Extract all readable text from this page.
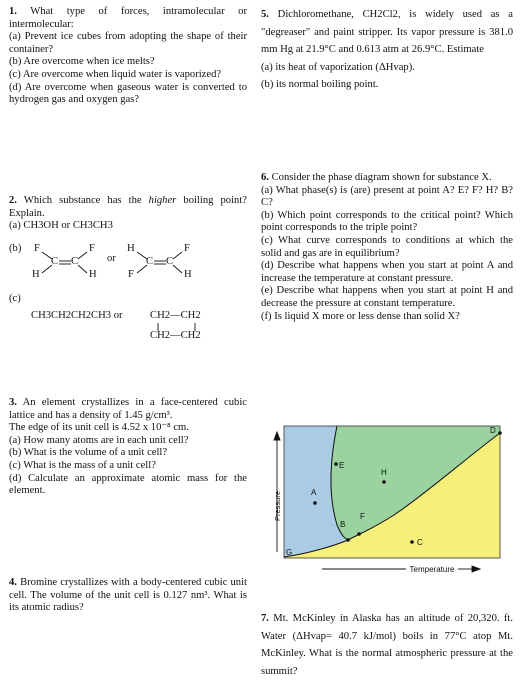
1. What type of forces, intramolecular or intermolecular:

(a) Prevent ice cubes from adopting the shape of their container?

(b) Are overcome when ice melts?

(c) Are overcome when liquid water is vaporized?

(d) Are overcome when gaseous water is converted to hydrogen gas and oxygen gas?

2. Which substance has the higher boiling point? Explain.

(a) CH3OH or CH3CH3

(b) F
H
C C
F
H
or
H
F
C C
F
H
(c)
CH3CH2CH2CH3 or	CH2—CH2
CH2—CH2

3. An element crystallizes in a face-centered cubic lattice and has a density of 1.45 g/cm³.

The edge of its unit cell is 4.52 x 10⁻⁸ cm.

(a) How many atoms are in each unit cell?

(b) What is the volume of a unit cell?

(c) What is the mass of a unit cell?

(d) Calculate an approximate atomic mass for the element.

4. Bromine crystallizes with a body-centered cubic unit cell. The volume of the unit cell is 0.127 nm³. What is its atomic radius?

5. Dichloromethane, CH2Cl2, is widely used as a "degreaser" and paint stripper. Its vapor pressure is 381.0 mm Hg at 21.9°C and 0.613 atm at 26.9°C. Estimate

(a) its heat of vaporization (ΔHvap).

(b) its normal boiling point.

6. Consider the phase diagram shown for substance X.

(a) What phase(s) is (are) present at point A? E? F? H? B? C?

(b) Which point corresponds to the critical point? Which point corresponds to the triple point?

(c) What curve corresponds to conditions at which the solid and gas are in equilibrium?

(d) Describe what happens when you start at point A and increase the temperature at constant pressure.

(e) Describe what happens when you start at point H and decrease the pressure at constant temperature.

(f) Is liquid X more or less dense than solid X?

A
B
C
D
E
F
G
H
Temperature
Pressure

7. Mt. McKinley in Alaska has an altitude of 20,320. ft. Water (ΔHvap= 40.7 kJ/mol) boils in 77°C atop Mt. McKinley. What is the normal atmospheric pressure at the summit?
